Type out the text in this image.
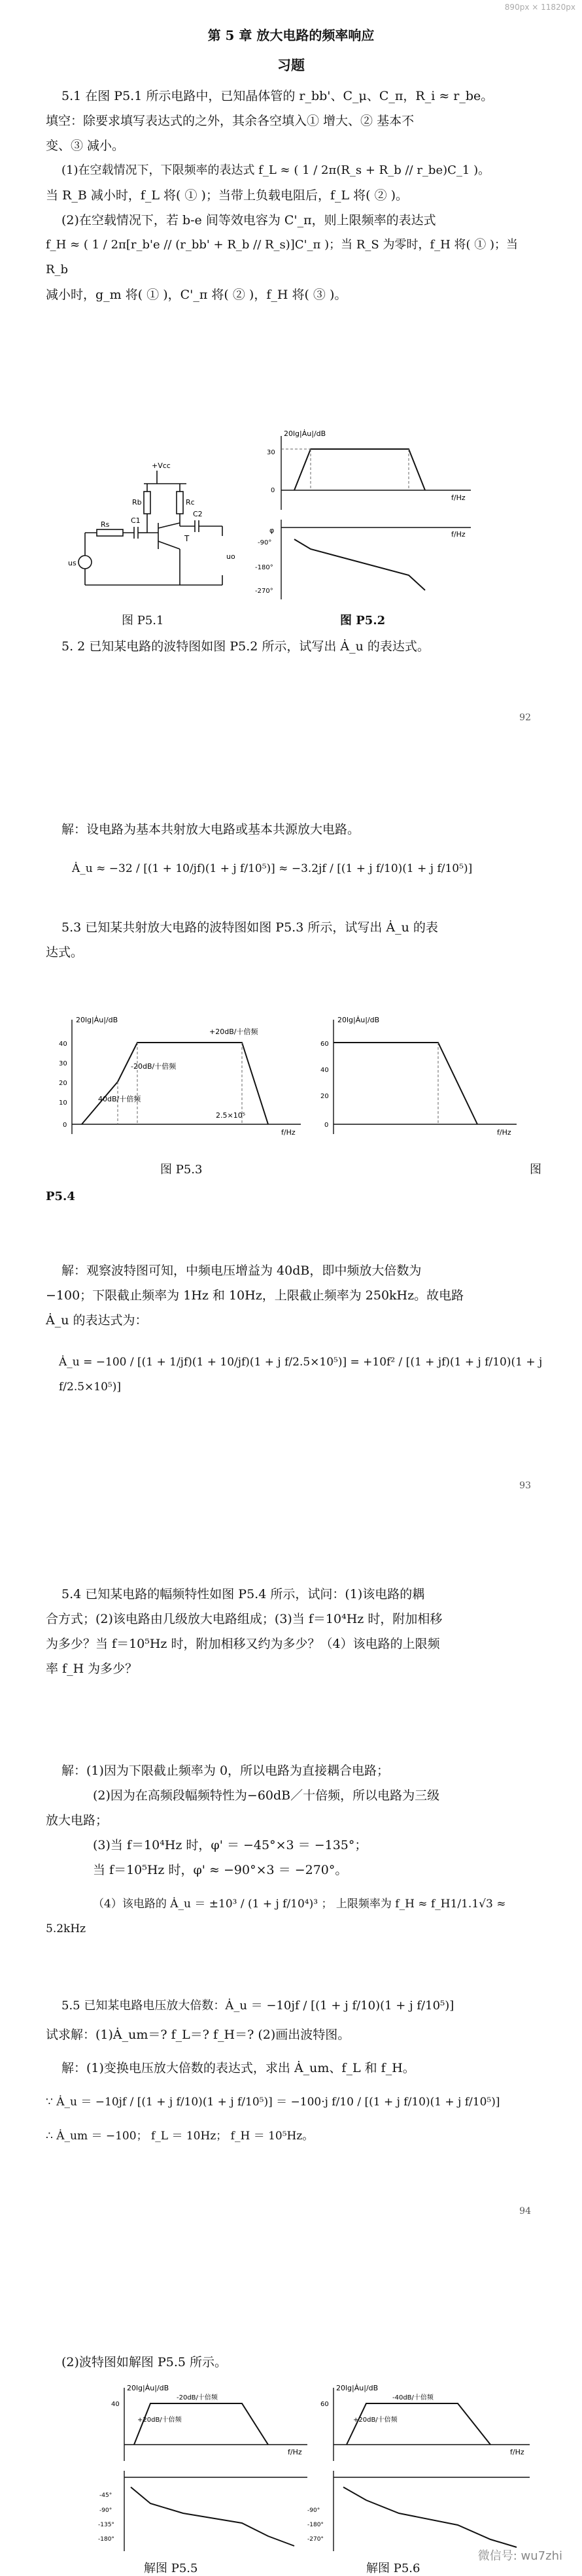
890px × 11820px
第 5 章 放大电路的频率响应
习题
5.1 在图 P5.1 所示电路中，已知晶体管的 r_bb'、C_μ、C_π，R_i ≈ r_be。
填空：除要求填写表达式的之外，其余各空填入① 增大、② 基本不
变、③ 减小。
(1)在空载情况下，下限频率的表达式 f_L ≈ ( 1 / 2π(R_s + R_b // r_be)C_1 )。
当 R_B 减小时，f_L 将( ① )；当带上负载电阻后，f_L 将( ② )。
(2)在空载情况下，若 b-e 间等效电容为 C'_π，则上限频率的表达式
f_H ≈ ( 1 / 2π[r_b'e // (r_bb' + R_b // R_s)]C'_π )；当 R_S 为零时，f_H 将( ① )；当 R_b
减小时，g_m 将( ① )，C'_π 将( ② )，f_H 将( ③ )。
+Vcc
Rb	Rc
C1
C2
Rs
us
T
uo
20lg|Ȧu|/dB
30
0
f/Hz
φ
-90°
-180°
-270°
f/Hz
图 P5.1	图 P5.2
5. 2 已知某电路的波特图如图 P5.2 所示，试写出 Ȧ_u 的表达式。
92
解：设电路为基本共射放大电路或基本共源放大电路。
Ȧ_u ≈ −32 / [(1 + 10/jf)(1 + j f/10⁵)] ≈ −3.2jf / [(1 + j f/10)(1 + j f/10⁵)]
5.3 已知某共射放大电路的波特图如图 P5.3 所示，试写出 Ȧ_u 的表
达式。
20lg|Ȧu|/dB
40
30
20
10
0
+20dB/十倍频
-20dB/十倍频
40dB/十倍频
2.5×10⁵
f/Hz
20lg|Ȧu|/dB
60
40
20
0
f/Hz
图 P5.3	图
P5.4
解：观察波特图可知，中频电压增益为 40dB，即中频放大倍数为
−100；下限截止频率为 1Hz 和 10Hz，上限截止频率为 250kHz。故电路
Ȧ_u 的表达式为：
Ȧ_u = −100 / [(1 + 1/jf)(1 + 10/jf)(1 + j f/2.5×10⁵)] = +10f² / [(1 + jf)(1 + j f/10)(1 + j f/2.5×10⁵)]
93
5.4 已知某电路的幅频特性如图 P5.4 所示，试问：(1)该电路的耦
合方式；(2)该电路由几级放大电路组成；(3)当 f＝10⁴Hz 时，附加相移
为多少？当 f＝10⁵Hz 时，附加相移又约为多少？（4）该电路的上限频
率 f_H 为多少？
解：(1)因为下限截止频率为 0，所以电路为直接耦合电路；
(2)因为在高频段幅频特性为−60dB／十倍频，所以电路为三级
放大电路；
(3)当 f＝10⁴Hz 时，φ' ＝ −45°×3 ＝ −135°；
当 f＝10⁵Hz 时，φ' ≈ −90°×3 ＝ −270°。
（4）该电路的 Ȧ_u ＝ ±10³ / (1 + j f/10⁴)³ ； 上限频率为 f_H ≈ f_H1/1.1√3 ≈ 5.2kHz
5.5 已知某电路电压放大倍数：Ȧ_u ＝ −10jf / [(1 + j f/10)(1 + j f/10⁵)]
试求解：(1)Ȧ_um＝? f_L＝? f_H＝? (2)画出波特图。
解：(1)变换电压放大倍数的表达式，求出 Ȧ_um、f_L 和 f_H。
∵ Ȧ_u ＝ −10jf / [(1 + j f/10)(1 + j f/10⁵)] ＝ −100·j f/10 / [(1 + j f/10)(1 + j f/10⁵)]
∴ Ȧ_um ＝ −100； f_L ＝ 10Hz； f_H ＝ 10⁵Hz。
94
(2)波特图如解图 P5.5 所示。
20lg|Ȧu|/dB
40
-20dB/十倍频
+20dB/十倍频
f/Hz
-45°
-90°
-135°
-180°
20lg|Ȧu|/dB
60
-40dB/十倍频
+20dB/十倍频
f/Hz
-90°
-180°
-270°
解图 P5.5	解图 P5.6
微信号: wu7zhi
